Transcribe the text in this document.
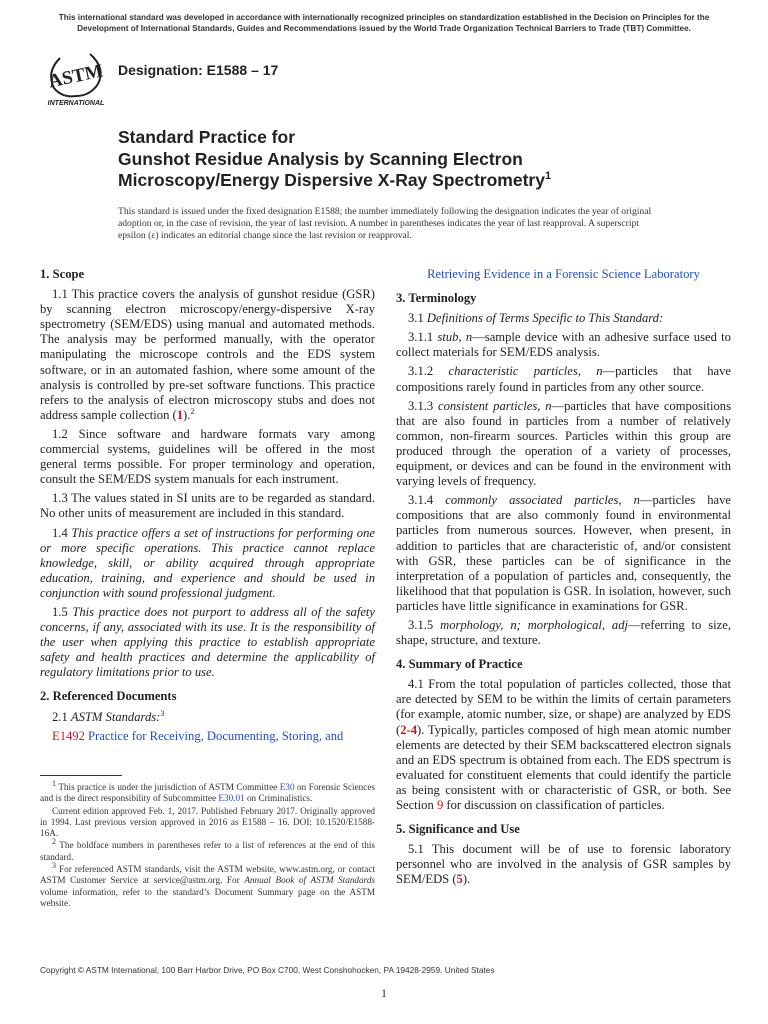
This international standard was developed in accordance with internationally recognized principles on standardization established in the Decision on Principles for the Development of International Standards, Guides and Recommendations issued by the World Trade Organization Technical Barriers to Trade (TBT) Committee.
ASTM
INTERNATIONAL
Designation: E1588 – 17
Standard Practice for
Gunshot Residue Analysis by Scanning Electron
Microscopy/Energy Dispersive X-Ray Spectrometry$^1$
This standard is issued under the fixed designation E1588; the number immediately following the designation indicates the year of original adoption or, in the case of revision, the year of last revision. A number in parentheses indicates the year of last reapproval. A superscript epsilon (ε) indicates an editorial change since the last revision or reapproval.
1. Scope

1.1 This practice covers the analysis of gunshot residue (GSR) by scanning electron microscopy/energy-dispersive X-ray spectrometry (SEM/EDS) using manual and automated methods. The analysis may be performed manually, with the operator manipulating the microscope controls and the EDS system software, or in an automated fashion, where some amount of the analysis is controlled by pre-set software functions. This practice refers to the analysis of electron microscopy stubs and does not address sample collection (1).$^2$

1.2 Since software and hardware formats vary among commercial systems, guidelines will be offered in the most general terms possible. For proper terminology and operation, consult the SEM/EDS system manuals for each instrument.

1.3 The values stated in SI units are to be regarded as standard. No other units of measurement are included in this standard.

1.4 This practice offers a set of instructions for performing one or more specific operations. This practice cannot replace knowledge, skill, or ability acquired through appropriate education, training, and experience and should be used in conjunction with sound professional judgment.

1.5 This practice does not purport to address all of the safety concerns, if any, associated with its use. It is the responsibility of the user when applying this practice to establish appropriate safety and health practices and determine the applicability of regulatory limitations prior to use.

2. Referenced Documents

2.1 ASTM Standards:$^3$

E1492 Practice for Receiving, Documenting, Storing, and

Retrieving Evidence in a Forensic Science Laboratory

3. Terminology

3.1 Definitions of Terms Specific to This Standard:

3.1.1 stub, n—sample device with an adhesive surface used to collect materials for SEM/EDS analysis.

3.1.2 characteristic particles, n—particles that have compositions rarely found in particles from any other source.

3.1.3 consistent particles, n—particles that have compositions that are also found in particles from a number of relatively common, non-firearm sources. Particles within this group are produced through the operation of a variety of processes, equipment, or devices and can be found in the environment with varying levels of frequency.

3.1.4 commonly associated particles, n—particles have compositions that are also commonly found in environmental particles from numerous sources. However, when present, in addition to particles that are characteristic of, and/or consistent with GSR, these particles can be of significance in the interpretation of a population of particles and, consequently, the likelihood that that population is GSR. In isolation, however, such particles have little significance in examinations for GSR.

3.1.5 morphology, n; morphological, adj—referring to size, shape, structure, and texture.

4. Summary of Practice

4.1 From the total population of particles collected, those that are detected by SEM to be within the limits of certain parameters (for example, atomic number, size, or shape) are analyzed by EDS (2-4). Typically, particles composed of high mean atomic number elements are detected by their SEM backscattered electron signals and an EDS spectrum is obtained from each. The EDS spectrum is evaluated for constituent elements that could identify the particle as being consistent with or characteristic of GSR, or both. See Section 9 for discussion on classification of particles.

5. Significance and Use

5.1 This document will be of use to forensic laboratory personnel who are involved in the analysis of GSR samples by SEM/EDS (5).

$^1$ This practice is under the jurisdiction of ASTM Committee E30 on Forensic Sciences and is the direct responsibility of Subcommittee E30.01 on Criminalistics.

Current edition approved Feb. 1, 2017. Published February 2017. Originally approved in 1994. Last previous version approved in 2016 as E1588 – 16. DOI: 10.1520/E1588-16A.

$^2$ The boldface numbers in parentheses refer to a list of references at the end of this standard.

$^3$ For referenced ASTM standards, visit the ASTM website, www.astm.org, or contact ASTM Customer Service at service@astm.org. For Annual Book of ASTM Standards volume information, refer to the standard’s Document Summary page on the ASTM website.

Copyright © ASTM International, 100 Barr Harbor Drive, PO Box C700, West Conshohocken, PA 19428-2959. United States
1
